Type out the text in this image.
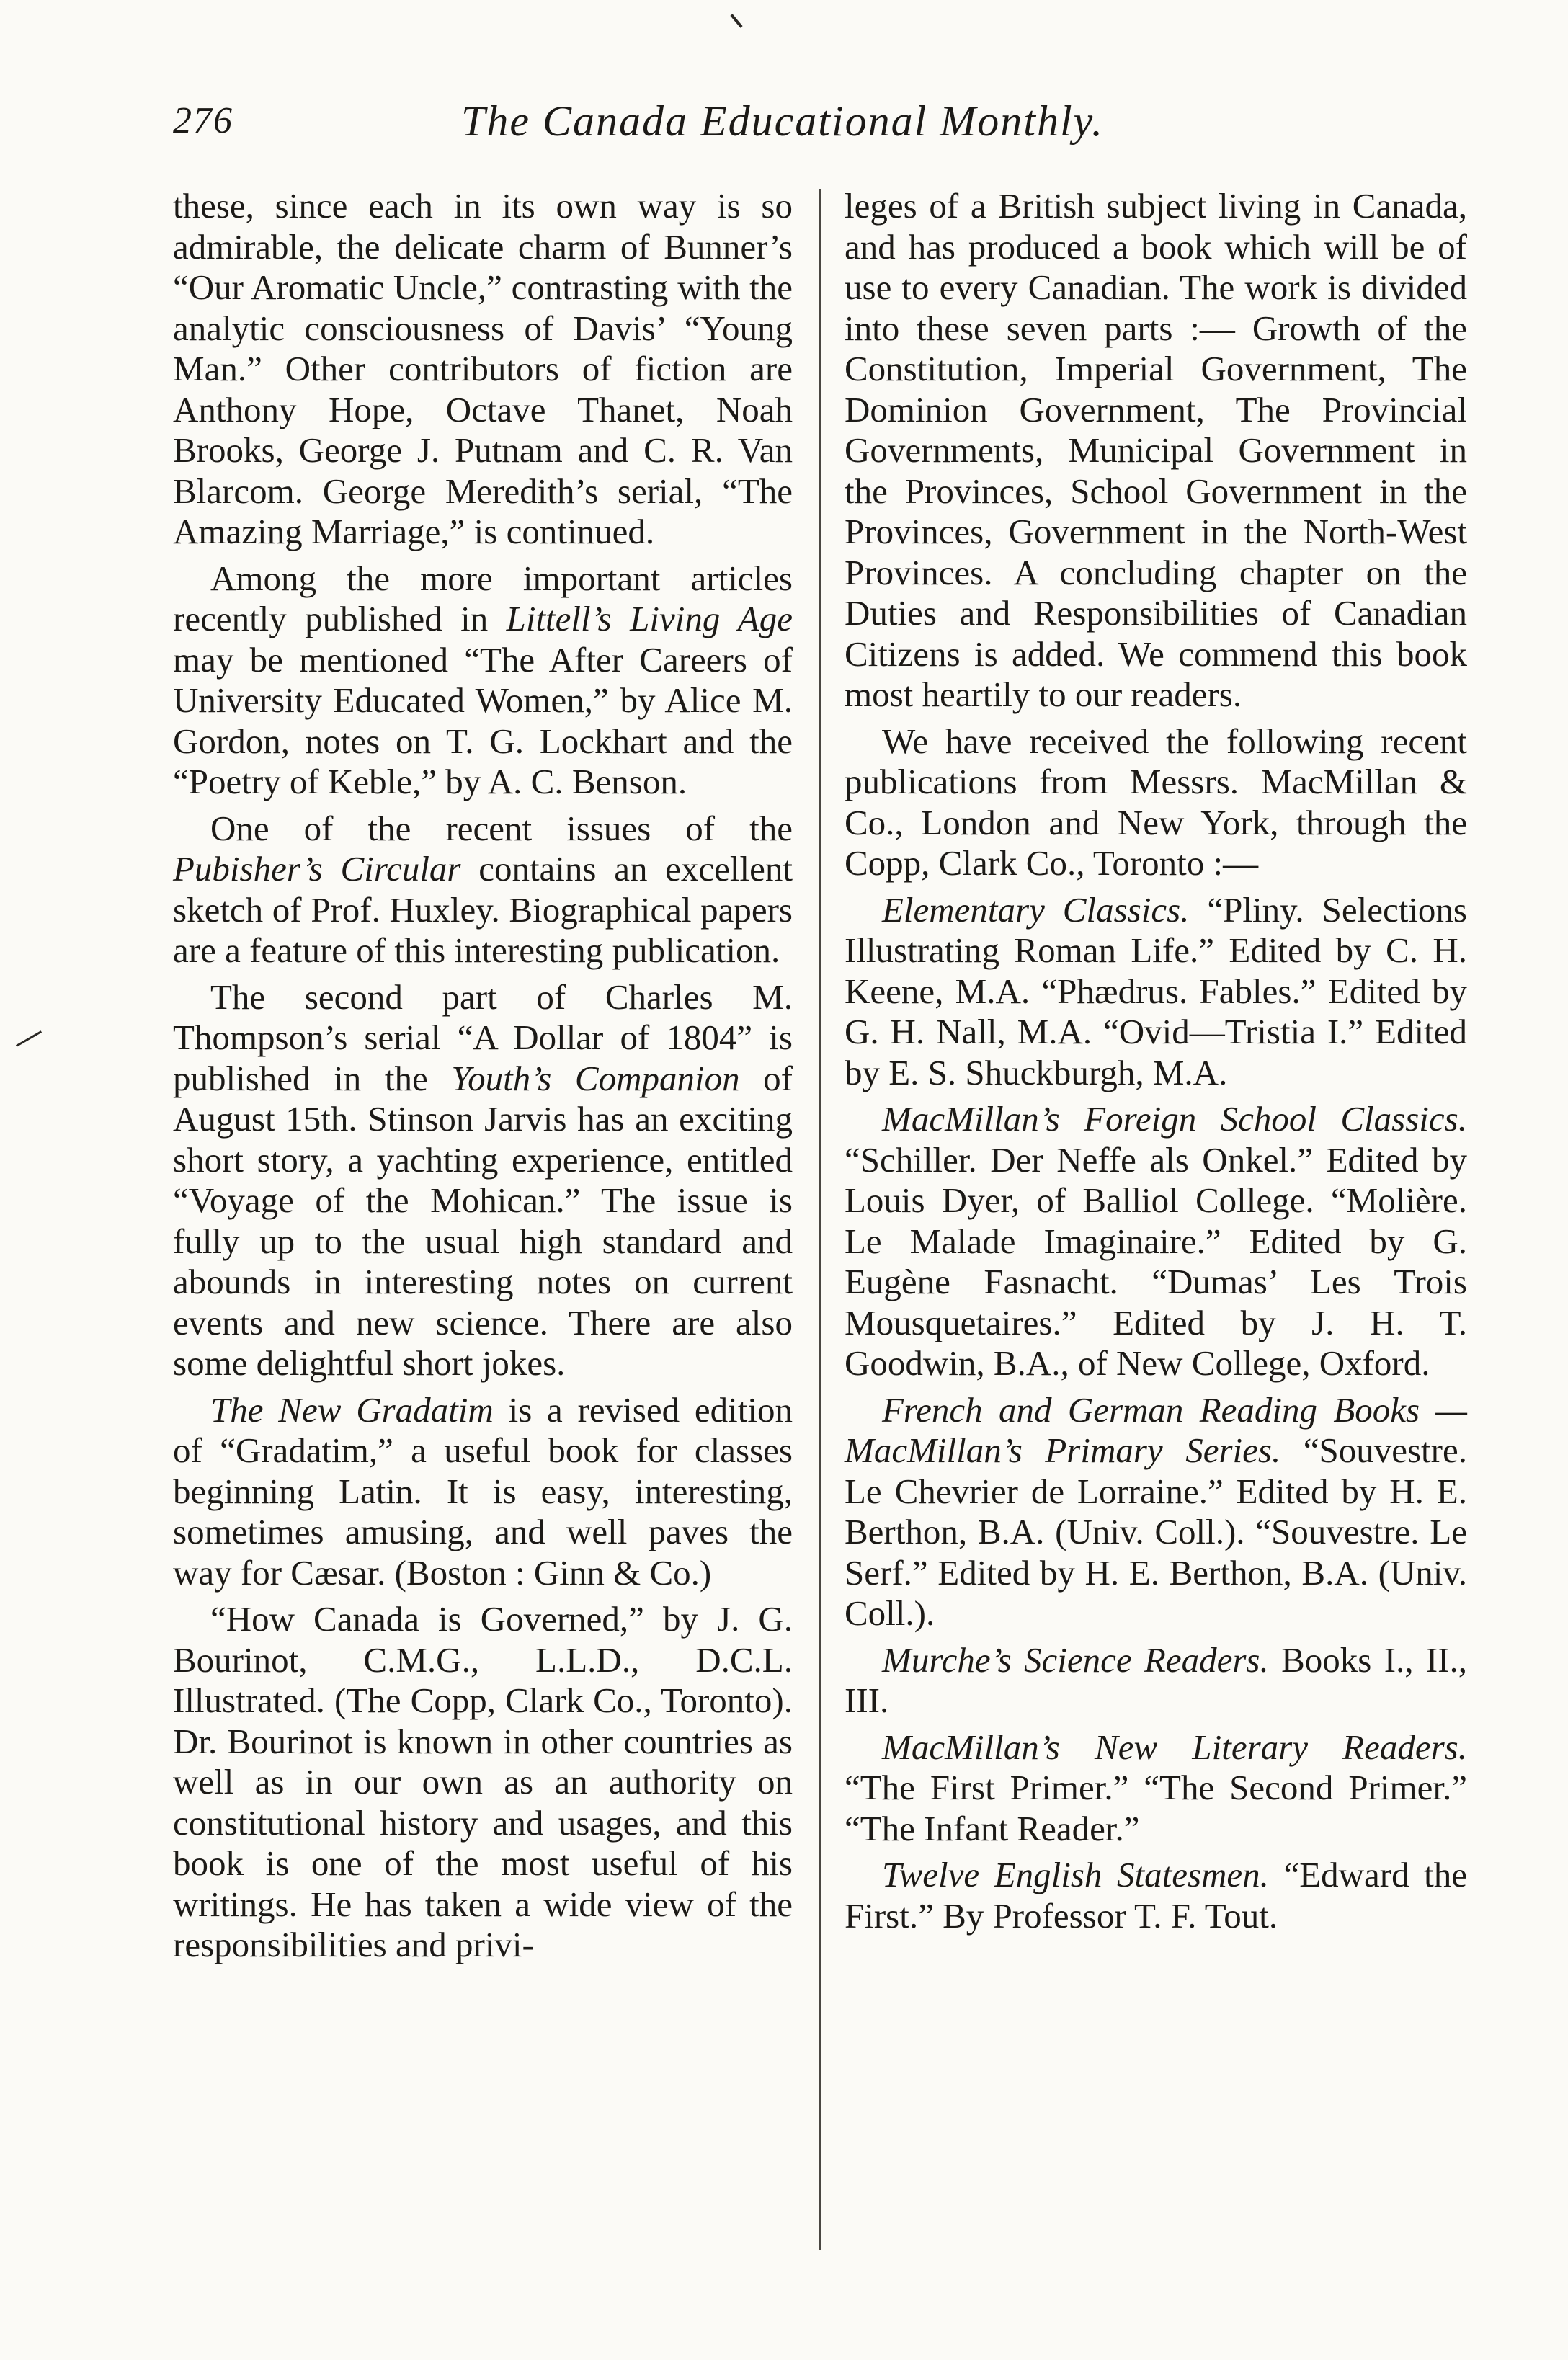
276	The Canada Educational Monthly.

these, since each in its own way is so admirable, the delicate charm of Bunner’s “Our Aromatic Uncle,” contrasting with the analytic consciousness of Davis’ “Young Man.” Other contributors of fiction are Anthony Hope, Octave Thanet, Noah Brooks, George J. Putnam and C. R. Van Blarcom. George Meredith’s serial, “The Amazing Marriage,” is continued.

Among the more important articles recently published in Littell’s Living Age may be mentioned “The After Careers of University Educated Women,” by Alice M. Gordon, notes on T. G. Lockhart and the “Poetry of Keble,” by A. C. Benson.

One of the recent issues of the Pubisher’s Circular contains an excellent sketch of Prof. Huxley. Biographical papers are a feature of this interesting publication.

The second part of Charles M. Thompson’s serial “A Dollar of 1804” is published in the Youth’s Companion of August 15th. Stinson Jarvis has an exciting short story, a yachting experience, entitled “Voyage of the Mohican.” The issue is fully up to the usual high standard and abounds in interesting notes on current events and new science. There are also some delightful short jokes.

The New Gradatim is a revised edition of “Gradatim,” a useful book for classes beginning Latin. It is easy, interesting, sometimes amusing, and well paves the way for Cæsar. (Boston : Ginn & Co.)

“How Canada is Governed,” by J. G. Bourinot, C.M.G., L.L.D., D.C.L. Illustrated. (The Copp, Clark Co., Toronto). Dr. Bourinot is known in other countries as well as in our own as an authority on constitutional history and usages, and this book is one of the most useful of his writings. He has taken a wide view of the responsibilities and privi-

leges of a British subject living in Canada, and has produced a book which will be of use to every Canadian. The work is divided into these seven parts :— Growth of the Constitution, Imperial Government, The Dominion Government, The Provincial Governments, Municipal Government in the Provinces, School Government in the Provinces, Government in the North-West Provinces. A concluding chapter on the Duties and Responsibilities of Canadian Citizens is added. We commend this book most heartily to our readers.

We have received the following recent publications from Messrs. MacMillan & Co., London and New York, through the Copp, Clark Co., Toronto :—

Elementary Classics. “Pliny. Selections Illustrating Roman Life.” Edited by C. H. Keene, M.A. “Phædrus. Fables.” Edited by G. H. Nall, M.A. “Ovid—Tristia I.” Edited by E. S. Shuckburgh, M.A.

MacMillan’s Foreign School Classics. “Schiller. Der Neffe als Onkel.” Edited by Louis Dyer, of Balliol College. “Molière. Le Malade Imaginaire.” Edited by G. Eugène Fasnacht. “Dumas’ Les Trois Mousquetaires.” Edited by J. H. T. Goodwin, B.A., of New College, Oxford.

French and German Reading Books —MacMillan’s Primary Series. “Souvestre. Le Chevrier de Lorraine.” Edited by H. E. Berthon, B.A. (Univ. Coll.). “Souvestre. Le Serf.” Edited by H. E. Berthon, B.A. (Univ. Coll.).

Murche’s Science Readers. Books I., II., III.

MacMillan’s New Literary Readers. “The First Primer.” “The Second Primer.” “The Infant Reader.”

Twelve English Statesmen. “Edward the First.” By Professor T. F. Tout.
